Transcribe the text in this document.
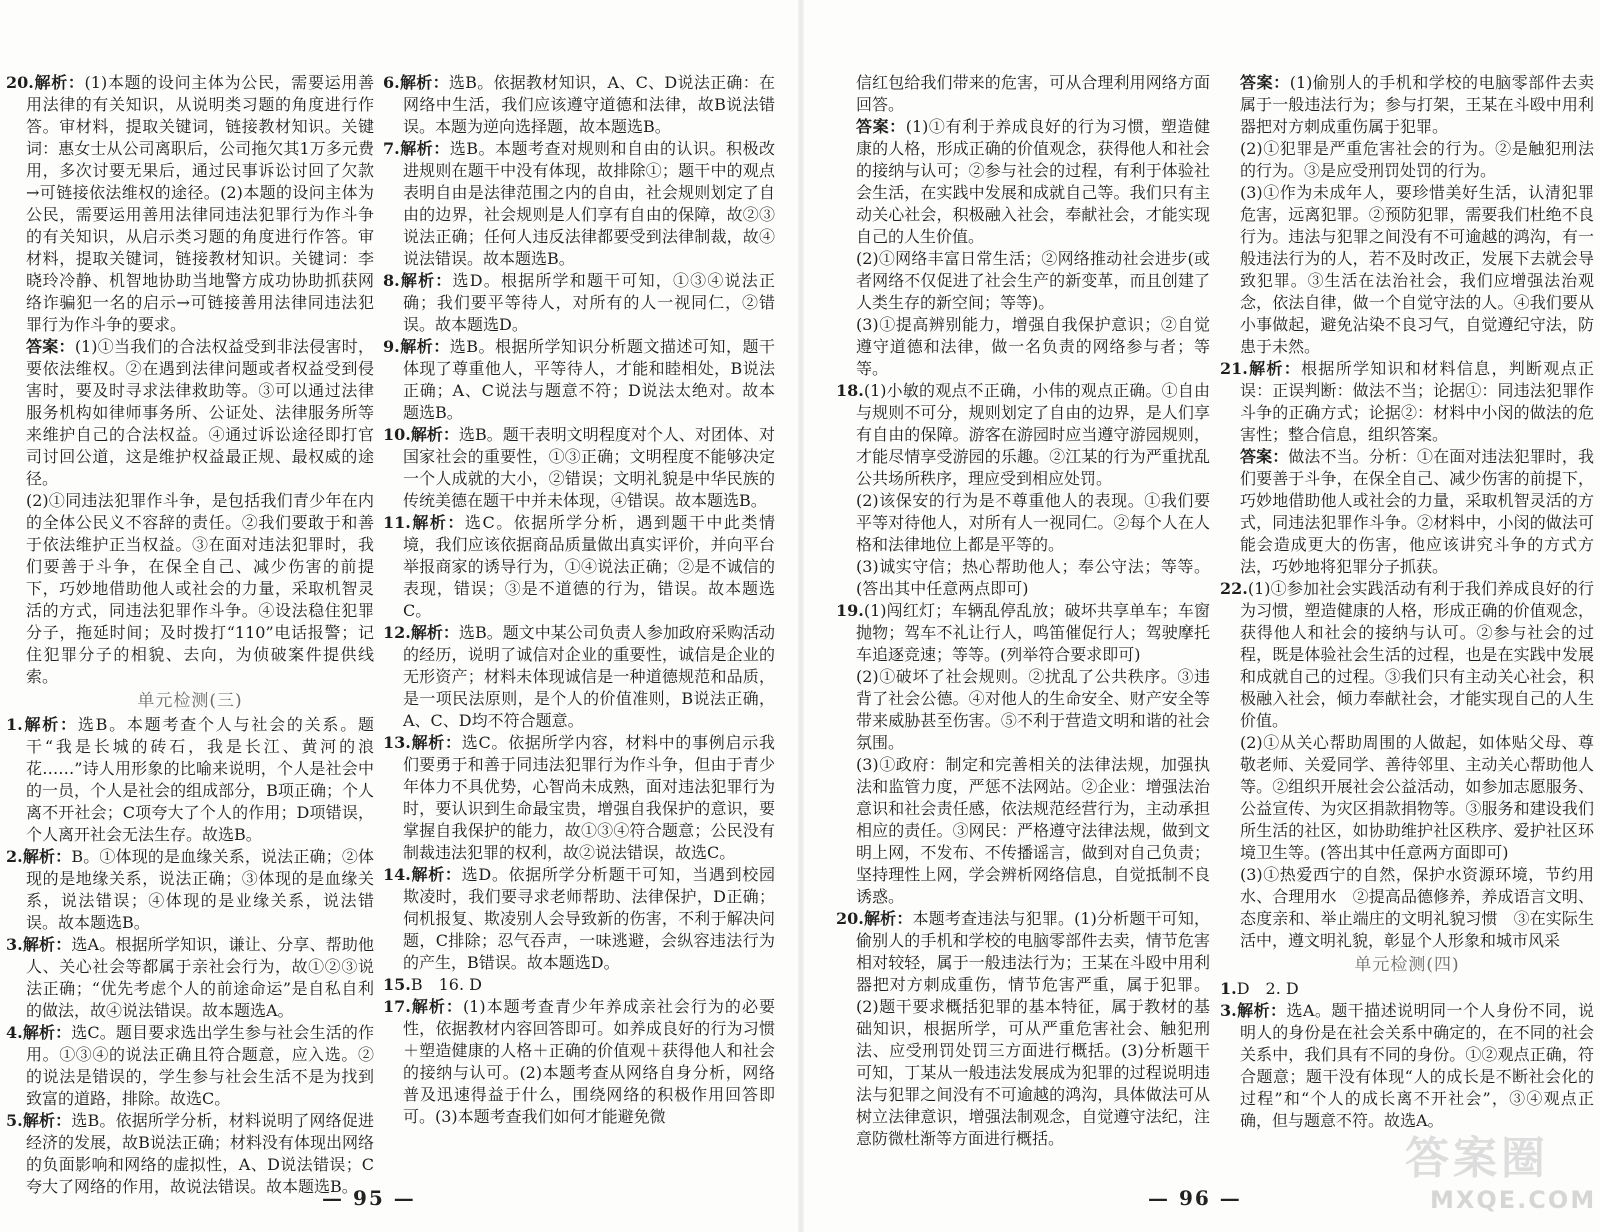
20.解析：(1)本题的设问主体为公民，需要运用善用法律的有关知识，从说明类习题的角度进行作答。审材料，提取关键词，链接教材知识。关键词：惠女士从公司离职后，公司拖欠其1万多元费用，多次讨要无果后，通过民事诉讼讨回了欠款→可链接依法维权的途径。(2)本题的设问主体为公民，需要运用善用法律同违法犯罪行为作斗争的有关知识，从启示类习题的角度进行作答。审材料，提取关键词，链接教材知识。关键词：李晓玲冷静、机智地协助当地警方成功协助抓获网络诈骗犯一名的启示→可链接善用法律同违法犯罪行为作斗争的要求。

答案：(1)①当我们的合法权益受到非法侵害时，要依法维权。②在遇到法律问题或者权益受到侵害时，要及时寻求法律救助等。③可以通过法律服务机构如律师事务所、公证处、法律服务所等来维护自己的合法权益。④通过诉讼途径即打官司讨回公道，这是维护权益最正规、最权威的途径。

(2)①同违法犯罪作斗争，是包括我们青少年在内的全体公民义不容辞的责任。②我们要敢于和善于依法维护正当权益。③在面对违法犯罪时，我们要善于斗争，在保全自己、减少伤害的前提下，巧妙地借助他人或社会的力量，采取机智灵活的方式，同违法犯罪作斗争。④设法稳住犯罪分子，拖延时间；及时拨打“110”电话报警；记住犯罪分子的相貌、去向，为侦破案件提供线索。

单元检测(三)

1.解析：选B。本题考查个人与社会的关系。题干“我是长城的砖石，我是长江、黄河的浪花……”诗人用形象的比喻来说明，个人是社会中的一员，个人是社会的组成部分，B项正确；个人离不开社会；C项夸大了个人的作用；D项错误，个人离开社会无法生存。故选B。

2.解析：B。①体现的是血缘关系，说法正确；②体现的是地缘关系，说法正确；③体现的是血缘关系，说法错误；④体现的是业缘关系，说法错误。故本题选B。

3.解析：选A。根据所学知识，谦让、分享、帮助他人、关心社会等都属于亲社会行为，故①②③说法正确；“优先考虑个人的前途命运”是自私自利的做法，故④说法错误。故本题选A。

4.解析：选C。题目要求选出学生参与社会生活的作用。①③④的说法正确且符合题意，应入选。②的说法是错误的，学生参与社会生活不是为找到致富的道路，排除。故选C。

5.解析：选B。依据所学分析，材料说明了网络促进经济的发展，故B说法正确；材料没有体现出网络的负面影响和网络的虚拟性，A、D说法错误；C夸大了网络的作用，故说法错误。故本题选B。

6.解析：选B。依据教材知识，A、C、D说法正确：在网络中生活，我们应该遵守道德和法律，故B说法错误。本题为逆向选择题，故本题选B。

7.解析：选B。本题考查对规则和自由的认识。积极改进规则在题干中没有体现，故排除①；题干中的观点表明自由是法律范围之内的自由，社会规则划定了自由的边界，社会规则是人们享有自由的保障，故②③说法正确；任何人违反法律都要受到法律制裁，故④说法错误。故本题选B。

8.解析：选D。根据所学和题干可知，①③④说法正确；我们要平等待人，对所有的人一视同仁，②错误。故本题选D。

9.解析：选B。根据所学知识分析题文描述可知，题干体现了尊重他人，平等待人，才能和睦相处，B说法正确；A、C说法与题意不符；D说法太绝对。故本题选B。

10.解析：选B。题干表明文明程度对个人、对团体、对国家社会的重要性，①③正确；文明程度不能够决定一个人成就的大小，②错误；文明礼貌是中华民族的传统美德在题干中并未体现，④错误。故本题选B。

11.解析：选C。依据所学分析，遇到题干中此类情境，我们应该依据商品质量做出真实评价，并向平台举报商家的诱导行为，①④说法正确；②是不诚信的表现，错误；③是不道德的行为，错误。故本题选C。

12.解析：选B。题文中某公司负责人参加政府采购活动的经历，说明了诚信对企业的重要性，诚信是企业的无形资产；材料未体现诚信是一种道德规范和品质，是一项民法原则，是个人的价值准则，B说法正确，A、C、D均不符合题意。

13.解析：选C。依据所学内容，材料中的事例启示我们要勇于和善于同违法犯罪行为作斗争，但由于青少年体力不具优势，心智尚未成熟，面对违法犯罪行为时，要认识到生命最宝贵，增强自我保护的意识，要掌握自我保护的能力，故①③④符合题意；公民没有制裁违法犯罪的权利，故②说法错误，故选C。

14.解析：选D。依据所学分析题干可知，当遇到校园欺凌时，我们要寻求老师帮助、法律保护，D正确；伺机报复、欺凌别人会导致新的伤害，不利于解决问题，C排除；忍气吞声，一味逃避，会纵容违法行为的产生，B错误。故本题选D。

15.B　16. D

17.解析：(1)本题考查青少年养成亲社会行为的必要性，依据教材内容回答即可。如养成良好的行为习惯＋塑造健康的人格＋正确的价值观＋获得他人和社会的接纳与认可。(2)本题考查从网络自身分析，网络普及迅速得益于什么，围绕网络的积极作用回答即可。(3)本题考查我们如何才能避免微

信红包给我们带来的危害，可从合理利用网络方面回答。

答案：(1)①有利于养成良好的行为习惯，塑造健康的人格，形成正确的价值观念，获得他人和社会的接纳与认可；②参与社会的过程，有利于体验社会生活，在实践中发展和成就自己等。我们只有主动关心社会，积极融入社会，奉献社会，才能实现自己的人生价值。

(2)①网络丰富日常生活；②网络推动社会进步(或者网络不仅促进了社会生产的新变革，而且创建了人类生存的新空间；等等)。

(3)①提高辨别能力，增强自我保护意识；②自觉遵守道德和法律，做一名负责的网络参与者；等等。

18.(1)小敏的观点不正确，小伟的观点正确。①自由与规则不可分，规则划定了自由的边界，是人们享有自由的保障。游客在游园时应当遵守游园规则，才能尽情享受游园的乐趣。②江某的行为严重扰乱公共场所秩序，理应受到相应处罚。

(2)该保安的行为是不尊重他人的表现。①我们要平等对待他人，对所有人一视同仁。②每个人在人格和法律地位上都是平等的。

(3)诚实守信；热心帮助他人；奉公守法；等等。(答出其中任意两点即可)

19.(1)闯红灯；车辆乱停乱放；破坏共享单车；车窗抛物；驾车不礼让行人，鸣笛催促行人；驾驶摩托车追逐竞速；等等。(列举符合要求即可)

(2)①破坏了社会规则。②扰乱了公共秩序。③违背了社会公德。④对他人的生命安全、财产安全等带来威胁甚至伤害。⑤不利于营造文明和谐的社会氛围。

(3)①政府：制定和完善相关的法律法规，加强执法和监管力度，严惩不法网站。②企业：增强法治意识和社会责任感，依法规范经营行为，主动承担相应的责任。③网民：严格遵守法律法规，做到文明上网，不发布、不传播谣言，做到对自己负责；坚持理性上网，学会辨析网络信息，自觉抵制不良诱惑。

20.解析：本题考查违法与犯罪。(1)分析题干可知，偷别人的手机和学校的电脑零部件去卖，情节危害相对较轻，属于一般违法行为；王某在斗殴中用利器把对方刺成重伤，情节危害严重，属于犯罪。(2)题干要求概括犯罪的基本特征，属于教材的基础知识，根据所学，可从严重危害社会、触犯刑法、应受刑罚处罚三方面进行概括。(3)分析题干可知，丁某从一般违法发展成为犯罪的过程说明违法与犯罪之间没有不可逾越的鸿沟，具体做法可从树立法律意识，增强法制观念，自觉遵守法纪，注意防微杜渐等方面进行概括。

答案：(1)偷别人的手机和学校的电脑零部件去卖属于一般违法行为；参与打架，王某在斗殴中用利器把对方刺成重伤属于犯罪。

(2)①犯罪是严重危害社会的行为。②是触犯刑法的行为。③是应受刑罚处罚的行为。

(3)①作为未成年人，要珍惜美好生活，认清犯罪危害，远离犯罪。②预防犯罪，需要我们杜绝不良行为。违法与犯罪之间没有不可逾越的鸿沟，有一般违法行为的人，若不及时改正，发展下去就会导致犯罪。③生活在法治社会，我们应增强法治观念，依法自律，做一个自觉守法的人。④我们要从小事做起，避免沾染不良习气，自觉遵纪守法，防患于未然。

21.解析：根据所学知识和材料信息，判断观点正误：正误判断：做法不当；论据①：同违法犯罪作斗争的正确方式；论据②：材料中小闵的做法的危害性；整合信息，组织答案。

答案：做法不当。分析：①在面对违法犯罪时，我们要善于斗争，在保全自己、减少伤害的前提下，巧妙地借助他人或社会的力量，采取机智灵活的方式，同违法犯罪作斗争。②材料中，小闵的做法可能会造成更大的伤害，他应该讲究斗争的方式方法，巧妙地将犯罪分子抓获。

22.(1)①参加社会实践活动有利于我们养成良好的行为习惯，塑造健康的人格，形成正确的价值观念，获得他人和社会的接纳与认可。②参与社会的过程，既是体验社会生活的过程，也是在实践中发展和成就自己的过程。③我们只有主动关心社会，积极融入社会，倾力奉献社会，才能实现自己的人生价值。

(2)①从关心帮助周围的人做起，如体贴父母、尊敬老师、关爱同学、善待邻里、主动关心帮助他人等。②组织开展社会公益活动，如参加志愿服务、公益宣传、为灾区捐款捐物等。③服务和建设我们所生活的社区，如协助维护社区秩序、爱护社区环境卫生等。(答出其中任意两方面即可)

(3)①热爱西宁的自然，保护水资源环境，节约用水、合理用水　②提高品德修养，养成语言文明、态度亲和、举止端庄的文明礼貌习惯　③在实际生活中，遵文明礼貌，彰显个人形象和城市风采

单元检测(四)

1.D　2. D

3.解析：选A。题干描述说明同一个人身份不同，说明人的身份是在社会关系中确定的，在不同的社会关系中，我们具有不同的身份。①②观点正确，符合题意；题干没有体现“人的成长是不断社会化的过程”和“个人的成长离不开社会”，③④观点正确，但与题意不符。故选A。

— 95 —	— 96 —
答案圈
MXQE.COM
